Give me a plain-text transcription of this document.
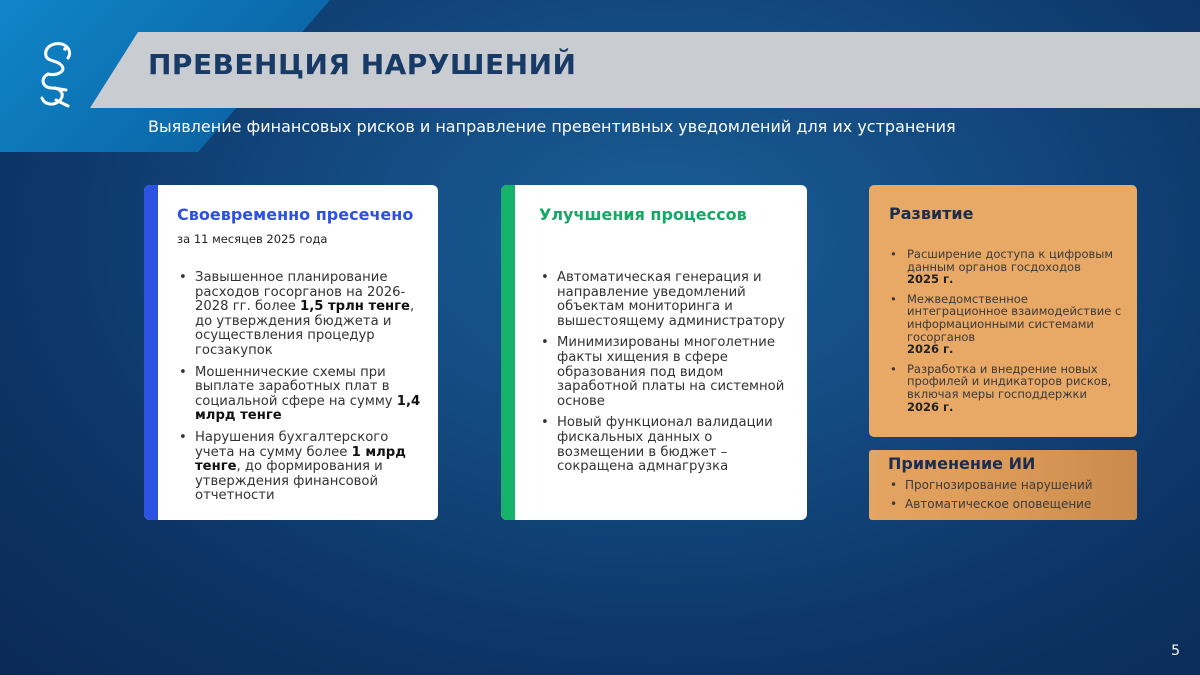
ПРЕВЕНЦИЯ НАРУШЕНИЙ
Выявление финансовых рисков и направление превентивных уведомлений для их устранения
Своевременно пресечено
за 11 месяцев 2025 года
• Завышенное планирование расходов госорганов на 2026-2028 гг. более 1,5 трлн тенге, до утверждения бюджета и осуществления процедур госзакупок
• Мошеннические схемы при выплате заработных плат в социальной сфере на сумму 1,4 млрд тенге
• Нарушения бухгалтерского учета на сумму более 1 млрд тенге, до формирования и утверждения финансовой отчетности
Улучшения процессов
• Автоматическая генерация и направление уведомлений объектам мониторинга и вышестоящему администратору
• Минимизированы многолетние факты хищения в сфере образования под видом заработной платы на системной основе
• Новый функционал валидации фискальных данных о возмещении в бюджет – сокращена адмнагрузка
Развитие
• Расширение доступа к цифровым данным органов госдоходов
2025 г.
• Межведомственное интеграционное взаимодействие с информационными системами госорганов
2026 г.
• Разработка и внедрение новых профилей и индикаторов рисков, включая меры господдержки
2026 г.
Применение ИИ
• Прогнозирование нарушений
• Автоматическое оповещение
5
